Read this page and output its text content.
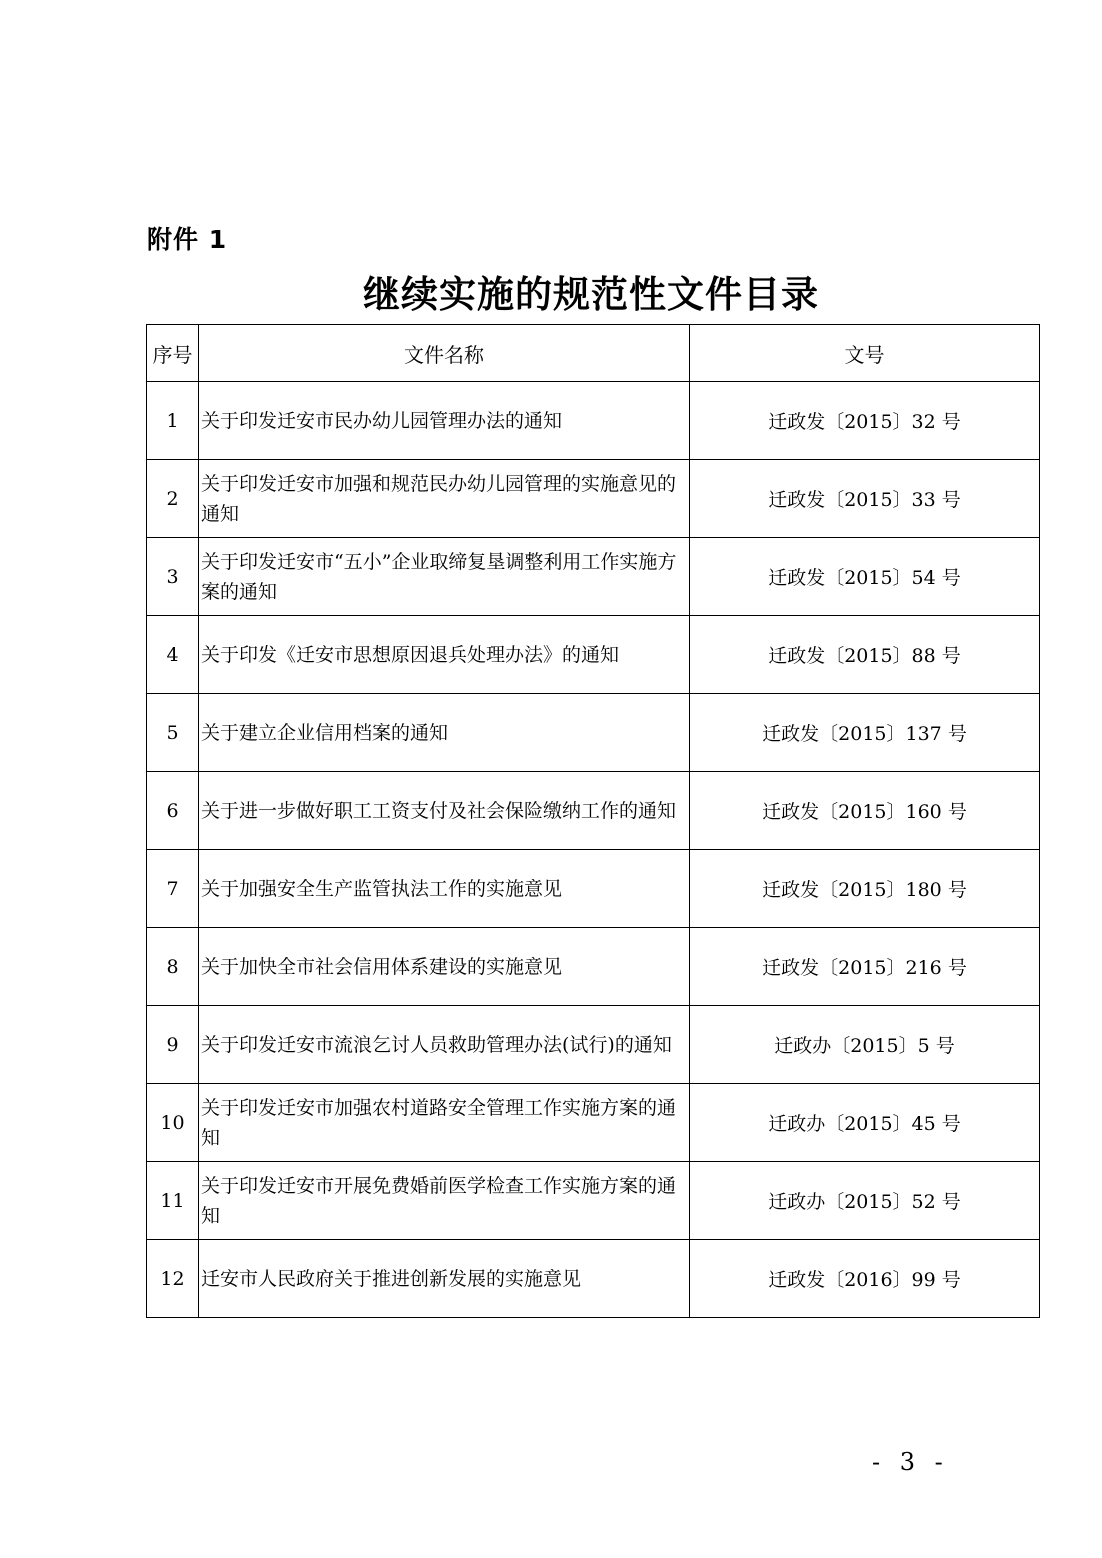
附件 1
继续实施的规范性文件目录
序号	文件名称	文号
1	关于印发迁安市民办幼儿园管理办法的通知	迁政发〔2015〕32 号
2	关于印发迁安市加强和规范民办幼儿园管理的实施意见的通知	迁政发〔2015〕33 号
3	关于印发迁安市“五小”企业取缔复垦调整利用工作实施方案的通知	迁政发〔2015〕54 号
4	关于印发《迁安市思想原因退兵处理办法》的通知	迁政发〔2015〕88 号
5	关于建立企业信用档案的通知	迁政发〔2015〕137 号
6	关于进一步做好职工工资支付及社会保险缴纳工作的通知	迁政发〔2015〕160 号
7	关于加强安全生产监管执法工作的实施意见	迁政发〔2015〕180 号
8	关于加快全市社会信用体系建设的实施意见	迁政发〔2015〕216 号
9	关于印发迁安市流浪乞讨人员救助管理办法(试行)的通知	迁政办〔2015〕5 号
10	关于印发迁安市加强农村道路安全管理工作实施方案的通知	迁政办〔2015〕45 号
11	关于印发迁安市开展免费婚前医学检查工作实施方案的通知	迁政办〔2015〕52 号
12	迁安市人民政府关于推进创新发展的实施意见	迁政发〔2016〕99 号
- 3 -
